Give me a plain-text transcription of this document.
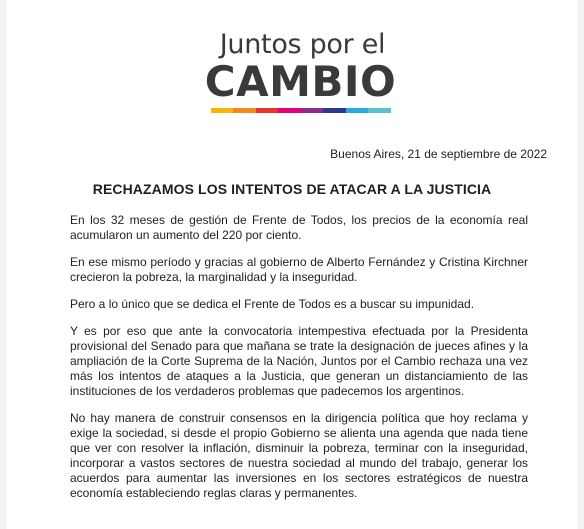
Juntos por el
CAMBIO
Buenos Aires, 21 de septiembre de 2022
RECHAZAMOS LOS INTENTOS DE ATACAR A LA JUSTICIA

En los 32 meses de gestión de Frente de Todos, los precios de la economía real acumularon un aumento del 220 por ciento.

En ese mismo período y gracias al gobierno de Alberto Fernández y Cristina Kirchner crecieron la pobreza, la marginalidad y la inseguridad.

Pero a lo único que se dedica el Frente de Todos es a buscar su impunidad.

Y es por eso que ante la convocatoria intempestiva efectuada por la Presidenta provisional del Senado para que mañana se trate la designación de jueces afines y la ampliación de la Corte Suprema de la Nación, Juntos por el Cambio rechaza una vez más los intentos de ataques a la Justicia, que generan un distanciamiento de las instituciones de los verdaderos problemas que padecemos los argentinos.

No hay manera de construir consensos en la dirigencia política que hoy reclama y exige la sociedad, si desde el propio Gobierno se alienta una agenda que nada tiene que ver con resolver la inflación, disminuir la pobreza, terminar con la inseguridad, incorporar a vastos sectores de nuestra sociedad al mundo del trabajo, generar los acuerdos para aumentar las inversiones en los sectores estratégicos de nuestra economía estableciendo reglas claras y permanentes.
